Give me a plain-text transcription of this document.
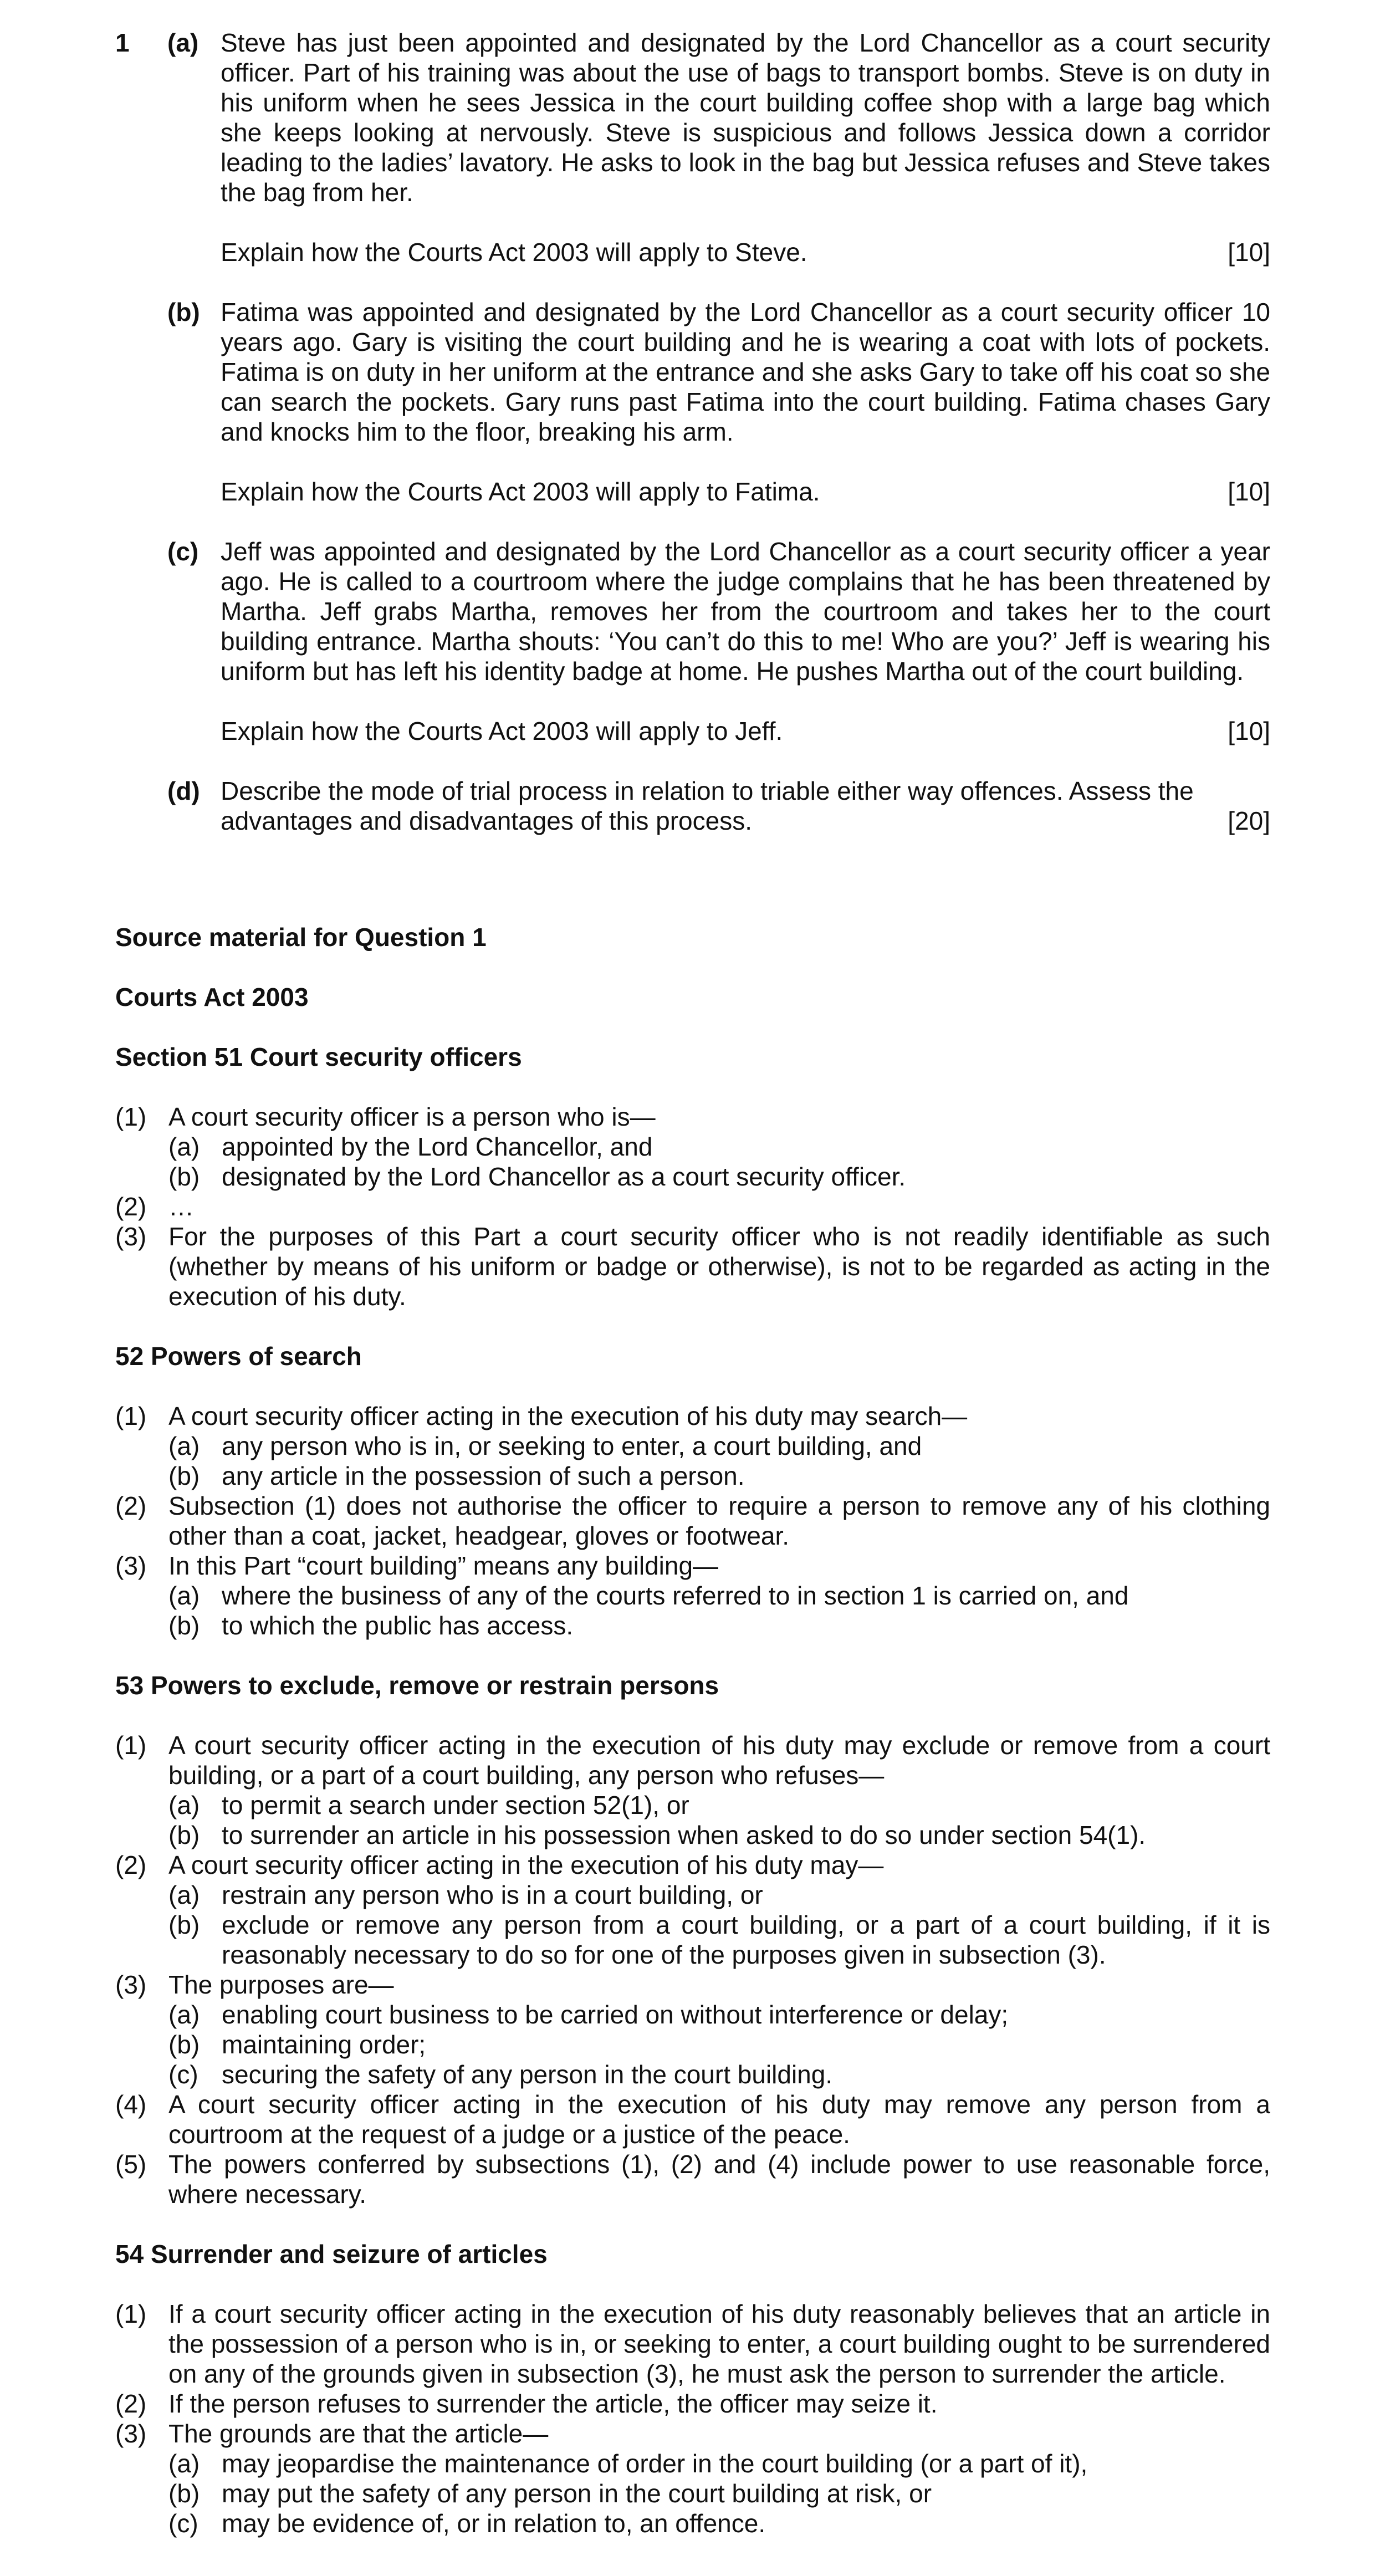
1 (a) Steve has just been appointed and designated by the Lord Chancellor as a court security officer. Part of his training was about the use of bags to transport bombs. Steve is on duty in his uniform when he sees Jessica in the court building coffee shop with a large bag which she keeps looking at nervously. Steve is suspicious and follows Jessica down a corridor leading to the ladies’ lavatory. He asks to look in the bag but Jessica refuses and Steve takes the bag from her.
Explain how the Courts Act 2003 will apply to Steve.	[10]
(b) Fatima was appointed and designated by the Lord Chancellor as a court security officer 10 years ago. Gary is visiting the court building and he is wearing a coat with lots of pockets. Fatima is on duty in her uniform at the entrance and she asks Gary to take off his coat so she can search the pockets. Gary runs past Fatima into the court building. Fatima chases Gary and knocks him to the floor, breaking his arm.
Explain how the Courts Act 2003 will apply to Fatima.	[10]
(c) Jeff was appointed and designated by the Lord Chancellor as a court security officer a year ago. He is called to a courtroom where the judge complains that he has been threatened by Martha. Jeff grabs Martha, removes her from the courtroom and takes her to the court building entrance. Martha shouts: ‘You can’t do this to me! Who are you?’ Jeff is wearing his uniform but has left his identity badge at home. He pushes Martha out of the court building.
Explain how the Courts Act 2003 will apply to Jeff.	[10]
(d) Describe the mode of trial process in relation to triable either way offences. Assess the advantages and disadvantages of this process.	[20]
Source material for Question 1
Courts Act 2003
Section 51 Court security officers
(1) A court security officer is a person who is—
(a) appointed by the Lord Chancellor, and
(b) designated by the Lord Chancellor as a court security officer.
(2) …
(3) For the purposes of this Part a court security officer who is not readily identifiable as such (whether by means of his uniform or badge or otherwise), is not to be regarded as acting in the execution of his duty.
52 Powers of search
(1) A court security officer acting in the execution of his duty may search—
(a) any person who is in, or seeking to enter, a court building, and
(b) any article in the possession of such a person.
(2) Subsection (1) does not authorise the officer to require a person to remove any of his clothing other than a coat, jacket, headgear, gloves or footwear.
(3) In this Part “court building” means any building—
(a) where the business of any of the courts referred to in section 1 is carried on, and
(b) to which the public has access.
53 Powers to exclude, remove or restrain persons
(1) A court security officer acting in the execution of his duty may exclude or remove from a court building, or a part of a court building, any person who refuses—
(a) to permit a search under section 52(1), or
(b) to surrender an article in his possession when asked to do so under section 54(1).
(2) A court security officer acting in the execution of his duty may—
(a) restrain any person who is in a court building, or
(b) exclude or remove any person from a court building, or a part of a court building, if it is reasonably necessary to do so for one of the purposes given in subsection (3).
(3) The purposes are—
(a) enabling court business to be carried on without interference or delay;
(b) maintaining order;
(c) securing the safety of any person in the court building.
(4) A court security officer acting in the execution of his duty may remove any person from a courtroom at the request of a judge or a justice of the peace.
(5) The powers conferred by subsections (1), (2) and (4) include power to use reasonable force, where necessary.
54 Surrender and seizure of articles
(1) If a court security officer acting in the execution of his duty reasonably believes that an article in the possession of a person who is in, or seeking to enter, a court building ought to be surrendered on any of the grounds given in subsection (3), he must ask the person to surrender the article.
(2) If the person refuses to surrender the article, the officer may seize it.
(3) The grounds are that the article—
(a) may jeopardise the maintenance of order in the court building (or a part of it),
(b) may put the safety of any person in the court building at risk, or
(c) may be evidence of, or in relation to, an offence.
